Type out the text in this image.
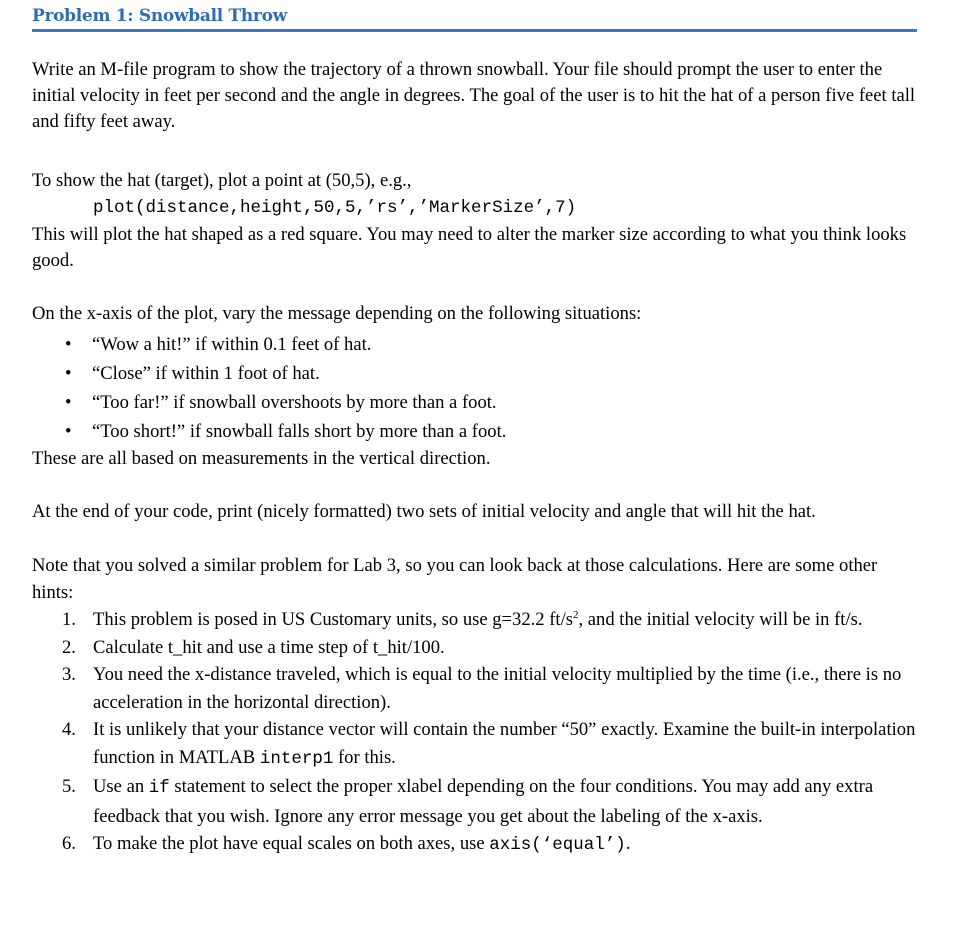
Problem 1: Snowball Throw

Write an M-file program to show the trajectory of a thrown snowball. Your file should prompt the user to enter the initial velocity in feet per second and the angle in degrees. The goal of the user is to hit the hat of a person five feet tall and fifty feet away.

To show the hat (target), plot a point at (50,5), e.g.,

plot(distance,height,50,5,’rs’,’MarkerSize’,7)

This will plot the hat shaped as a red square. You may need to alter the marker size according to what you think looks good.

On the x-axis of the plot, vary the message depending on the following situations:

• “Wow a hit!” if within 0.1 feet of hat.
• “Close” if within 1 foot of hat.
• “Too far!” if snowball overshoots by more than a foot.
• “Too short!” if snowball falls short by more than a foot.

These are all based on measurements in the vertical direction.

At the end of your code, print (nicely formatted) two sets of initial velocity and angle that will hit the hat.

Note that you solved a similar problem for Lab 3, so you can look back at those calculations. Here are some other hints:

1. This problem is posed in US Customary units, so use g=32.2 $ft/s^2$, and the initial velocity will be in ft/s.
2. Calculate t_hit and use a time step of t_hit/100.
3. You need the x-distance traveled, which is equal to the initial velocity multiplied by the time (i.e., there is no acceleration in the horizontal direction).
4. It is unlikely that your distance vector will contain the number “50” exactly. Examine the built-in interpolation function in MATLAB interp1 for this.
5. Use an if statement to select the proper xlabel depending on the four conditions. You may add any extra feedback that you wish. Ignore any error message you get about the labeling of the x-axis.
6. To make the plot have equal scales on both axes, use axis(‘equal’).
